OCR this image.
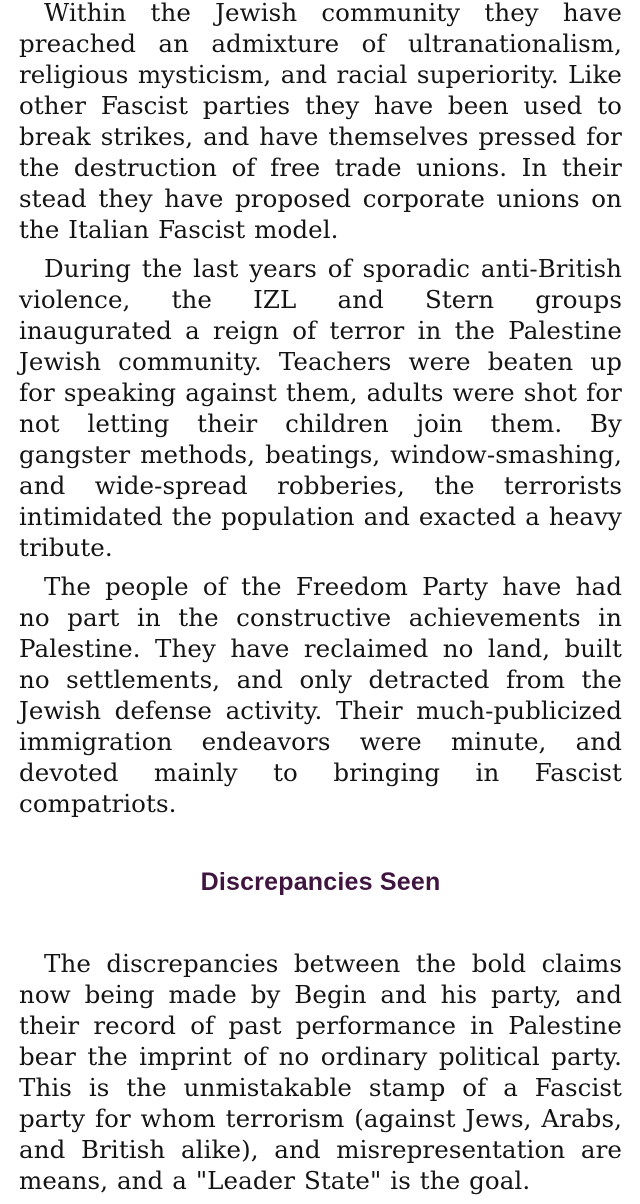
Within the Jewish community they have preached an admixture of ultranationalism, religious mysticism, and racial superiority. Like other Fascist parties they have been used to break strikes, and have themselves pressed for the destruction of free trade unions. In their stead they have proposed corporate unions on the Italian Fascist model.

During the last years of sporadic anti-British violence, the IZL and Stern groups inaugurated a reign of terror in the Palestine Jewish community. Teachers were beaten up for speaking against them, adults were shot for not letting their children join them. By gangster methods, beatings, window-smashing, and wide-spread robberies, the terrorists intimidated the population and exacted a heavy tribute.

The people of the Freedom Party have had no part in the constructive achievements in Palestine. They have reclaimed no land, built no settlements, and only detracted from the Jewish defense activity. Their much-publicized immigration endeavors were minute, and devoted mainly to bringing in Fascist compatriots.

Discrepancies Seen

The discrepancies between the bold claims now being made by Begin and his party, and their record of past performance in Palestine bear the imprint of no ordinary political party. This is the unmistakable stamp of a Fascist party for whom terrorism (against Jews, Arabs, and British alike), and misrepresentation are means, and a "Leader State" is the goal.
